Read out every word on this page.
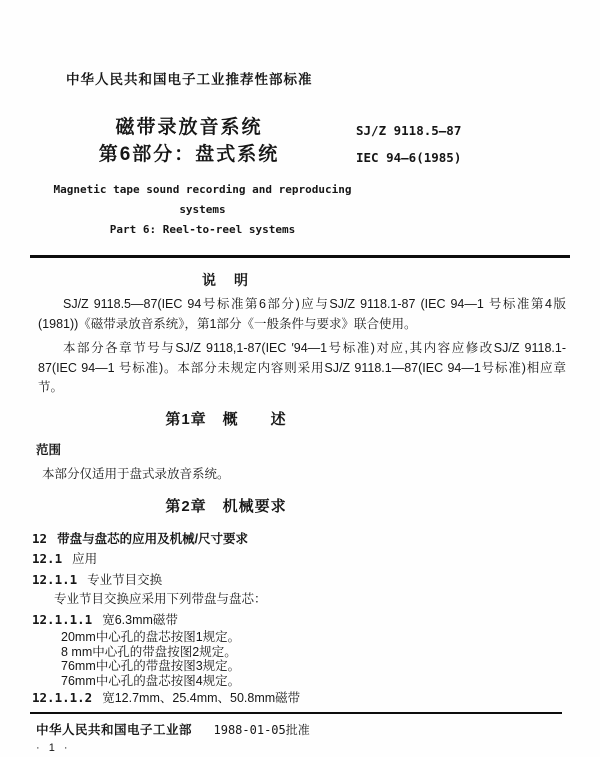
中华人民共和国电子工业推荐性部标准
磁带录放音系统
第6部分：盘式系统
SJ/Z 9118.5—87
IEC 94—6(1985)
Magnetic tape sound recording and reproducing systems
Part 6: Reel-to-reel systems
说　明

SJ/Z 9118.5—87(IEC 94号标准第6部分)应与SJ/Z 9118.1-87 (IEC 94—1 号标准第4版(1981))《磁带录放音系统》，第1部分《一般条件与要求》联合使用。

本部分各章节号与SJ/Z 9118,1-87(IEC ′94—1号标准)对应,其内容应修改SJ/Z 9118.1-87(IEC 94—1 号标准)。本部分未规定内容则采用SJ/Z 9118.1—87(IEC 94—1号标准)相应章节。

第1章　概　　述
范围
本部分仅适用于盘式录放音系统。
第2章　机械要求
12 带盘与盘芯的应用及机械/尺寸要求
12.1 应用
12.1.1 专业节目交换
专业节目交换应采用下列带盘与盘芯：
12.1.1.1 宽6.3mm磁带
20mm中心孔的盘芯按图1规定。
8 mm中心孔的带盘按图2规定。
76mm中心孔的带盘按图3规定。
76mm中心孔的盘芯按图4规定。
12.1.1.2 宽12.7mm、25.4mm、50.8mm磁带
中华人民共和国电子工业部 1988-01-05批准
· 1 ·
